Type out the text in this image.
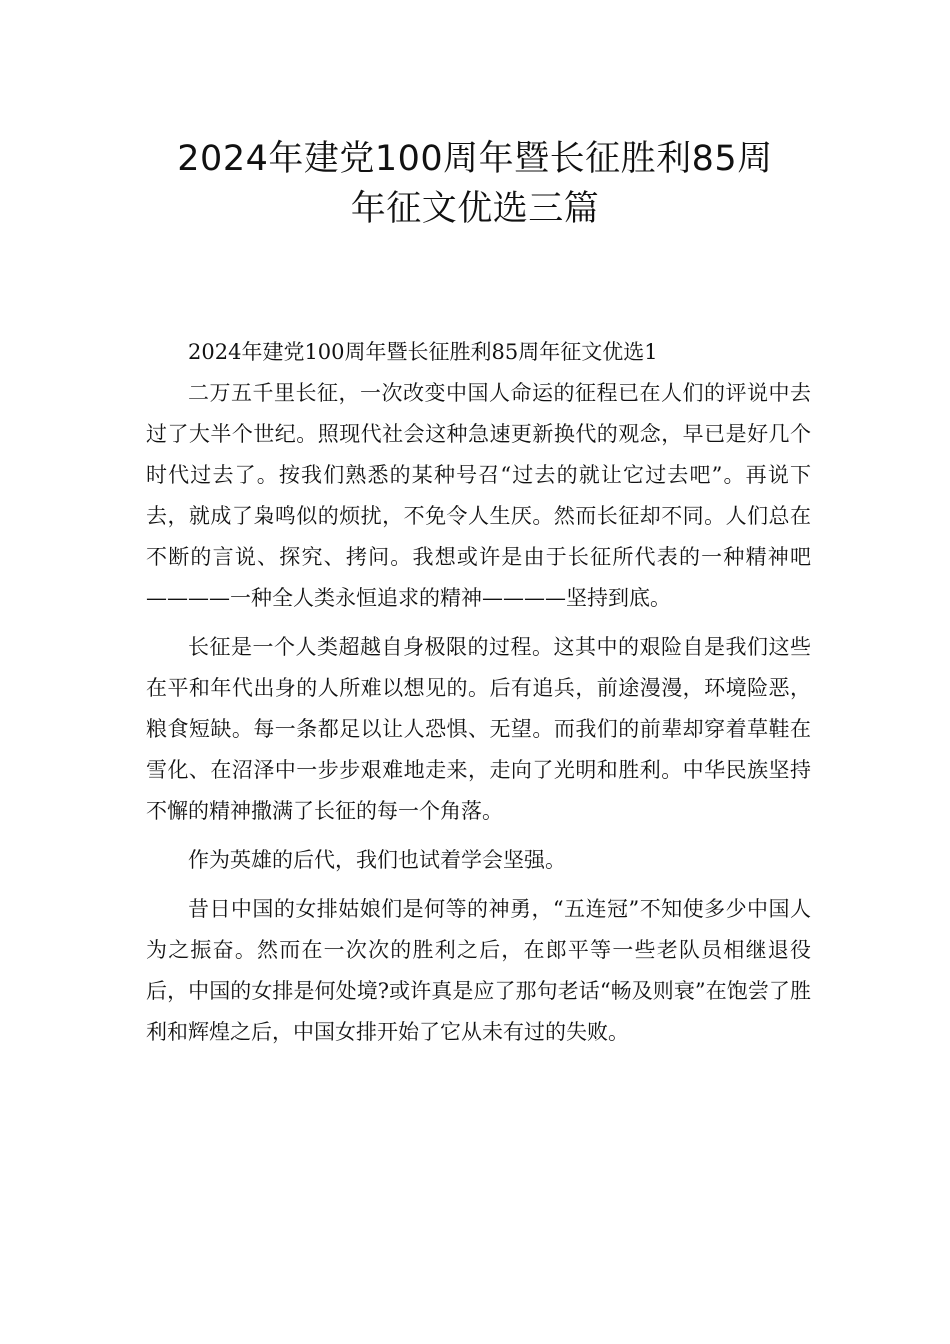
2024年建党100周年暨长征胜利85周
年征文优选三篇

2024年建党100周年暨长征胜利85周年征文优选1

二万五千里长征，一次改变中国人命运的征程已在人们的评说中去过了大半个世纪。照现代社会这种急速更新换代的观念，早已是好几个时代过去了。按我们熟悉的某种号召“过去的就让它过去吧”。再说下去，就成了枭鸣似的烦扰，不免令人生厌。然而长征却不同。人们总在不断的言说、探究、拷问。我想或许是由于长征所代表的一种精神吧————一种全人类永恒追求的精神————坚持到底。

长征是一个人类超越自身极限的过程。这其中的艰险自是我们这些在平和年代出身的人所难以想见的。后有追兵，前途漫漫，环境险恶，粮食短缺。每一条都足以让人恐惧、无望。而我们的前辈却穿着草鞋在雪化、在沼泽中一步步艰难地走来，走向了光明和胜利。中华民族坚持不懈的精神撒满了长征的每一个角落。

作为英雄的后代，我们也试着学会坚强。

昔日中国的女排姑娘们是何等的神勇，“五连冠”不知使多少中国人为之振奋。然而在一次次的胜利之后，在郎平等一些老队员相继退役后，中国的女排是何处境?或许真是应了那句老话“畅及则衰”在饱尝了胜利和辉煌之后，中国女排开始了它从未有过的失败。
